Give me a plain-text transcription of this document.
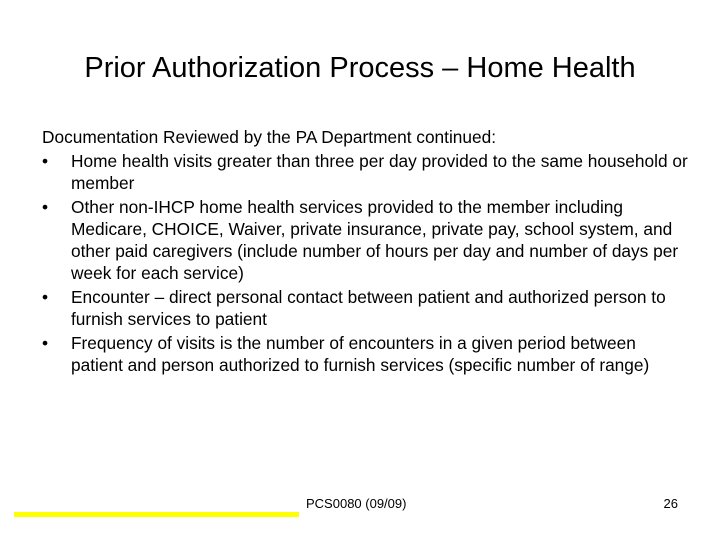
Prior Authorization Process – Home Health

Documentation Reviewed by the PA Department continued:

• Home health visits greater than three per day provided to the same household or member
• Other non-IHCP home health services provided to the member including Medicare, CHOICE, Waiver, private insurance, private pay, school system, and other paid caregivers (include number of hours per day and number of days per week for each service)
• Encounter – direct personal contact between patient and authorized person to furnish services to patient
• Frequency of visits is the number of encounters in a given period between patient and person authorized to furnish services (specific number of range)
PCS0080 (09/09)	26
